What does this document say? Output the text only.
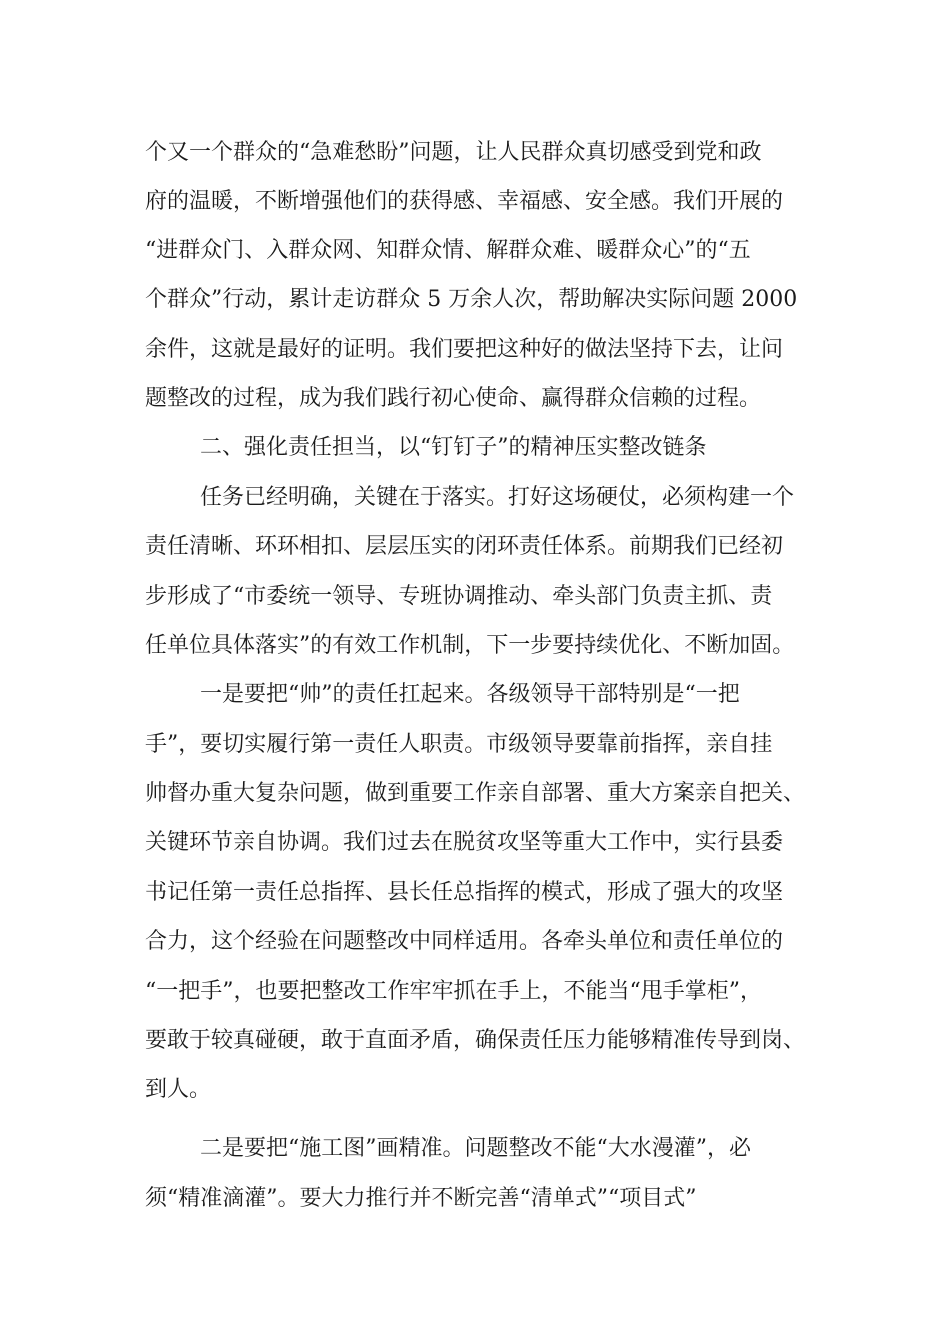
个又一个群众的“急难愁盼”问题，让人民群众真切感受到党和政
府的温暖，不断增强他们的获得感、幸福感、安全感。我们开展的
“进群众门、入群众网、知群众情、解群众难、暖群众心”的“五
个群众”行动，累计走访群众 5 万余人次，帮助解决实际问题 2000
余件，这就是最好的证明。我们要把这种好的做法坚持下去，让问
题整改的过程，成为我们践行初心使命、赢得群众信赖的过程。
二、强化责任担当，以“钉钉子”的精神压实整改链条
任务已经明确，关键在于落实。打好这场硬仗，必须构建一个
责任清晰、环环相扣、层层压实的闭环责任体系。前期我们已经初
步形成了“市委统一领导、专班协调推动、牵头部门负责主抓、责
任单位具体落实”的有效工作机制，下一步要持续优化、不断加固。
一是要把“帅”的责任扛起来。各级领导干部特别是“一把
手”，要切实履行第一责任人职责。市级领导要靠前指挥，亲自挂
帅督办重大复杂问题，做到重要工作亲自部署、重大方案亲自把关、
关键环节亲自协调。我们过去在脱贫攻坚等重大工作中，实行县委
书记任第一责任总指挥、县长任总指挥的模式，形成了强大的攻坚
合力，这个经验在问题整改中同样适用。各牵头单位和责任单位的
“一把手”，也要把整改工作牢牢抓在手上，不能当“甩手掌柜”，
要敢于较真碰硬，敢于直面矛盾，确保责任压力能够精准传导到岗、
到人。
二是要把“施工图”画精准。问题整改不能“大水漫灌”，必
须“精准滴灌”。要大力推行并不断完善“清单式”“项目式”
